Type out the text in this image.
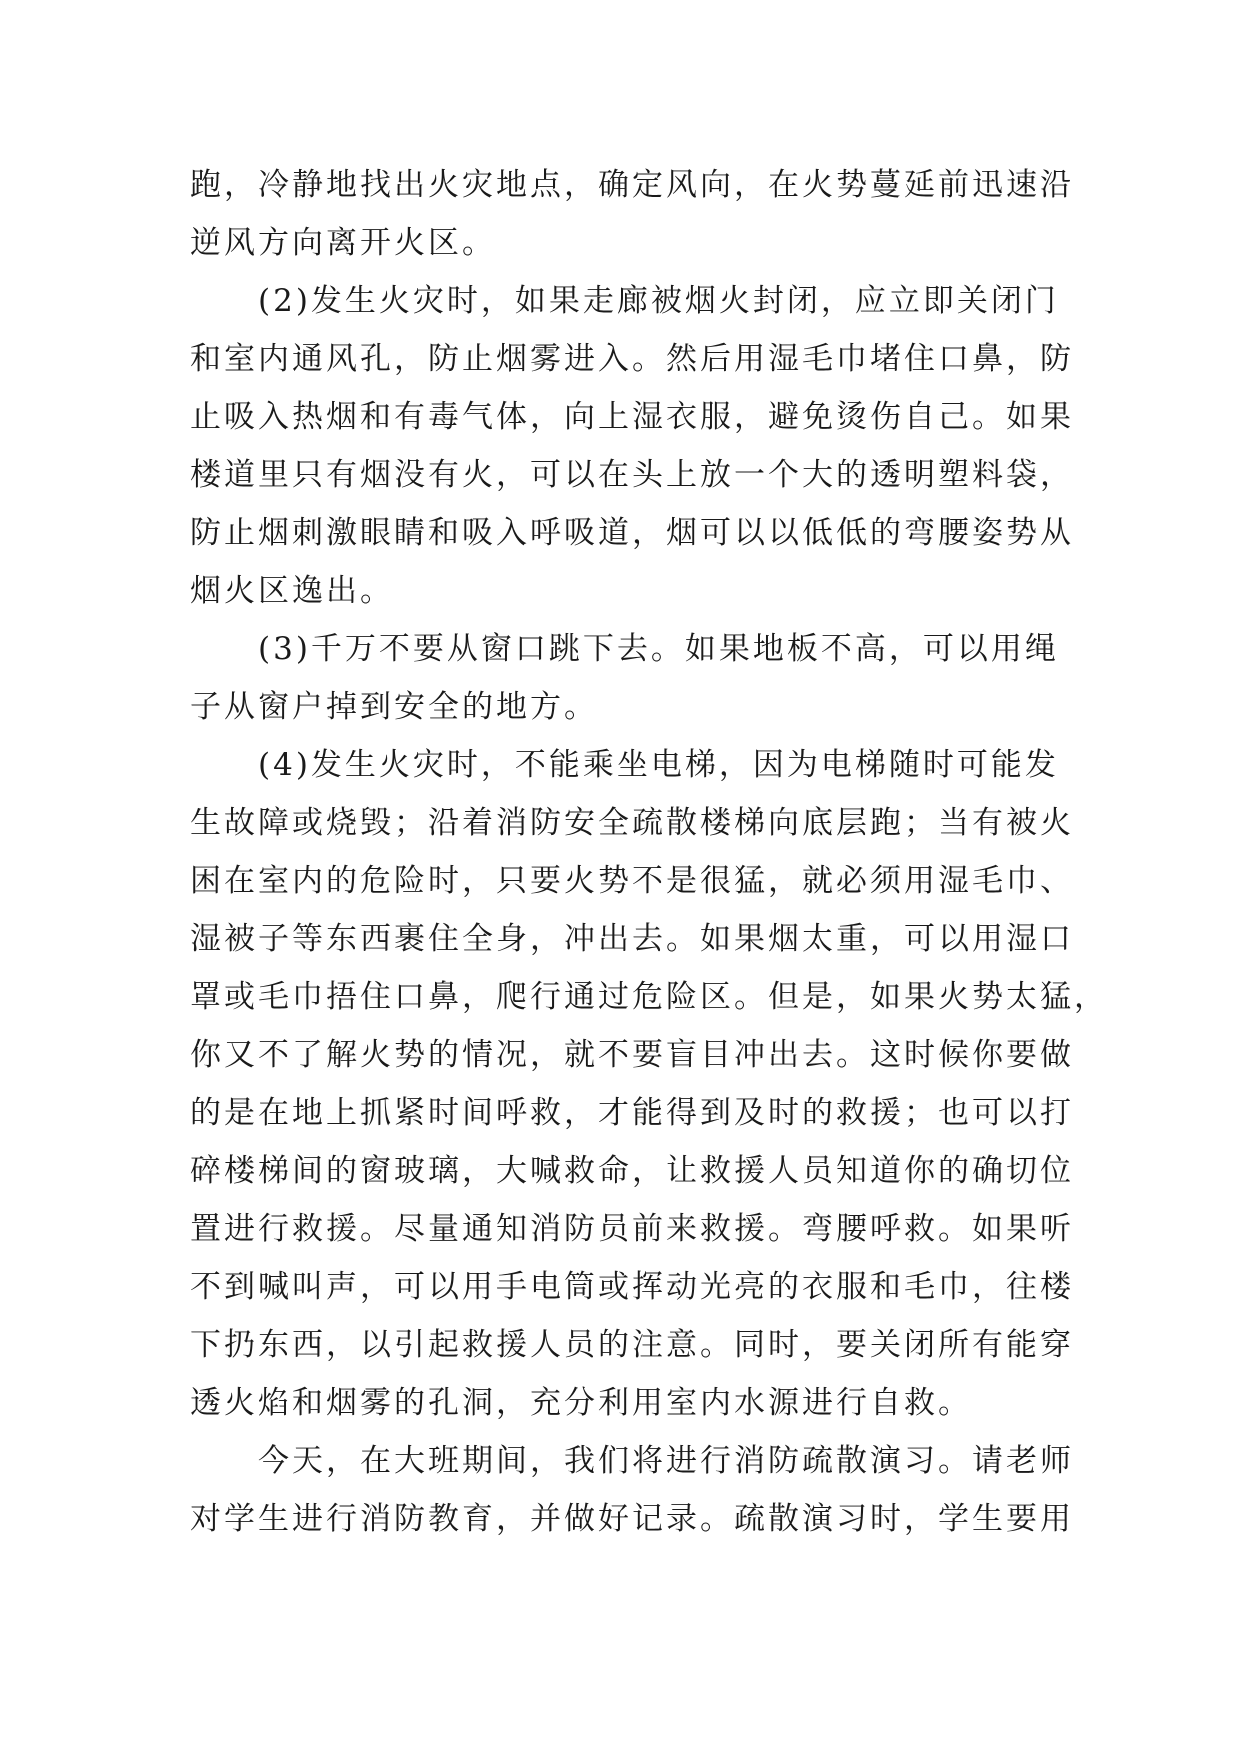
跑，冷静地找出火灾地点，确定风向，在火势蔓延前迅速沿
逆风方向离开火区。
(2)发生火灾时，如果走廊被烟火封闭，应立即关闭门
和室内通风孔，防止烟雾进入。然后用湿毛巾堵住口鼻，防
止吸入热烟和有毒气体，向上湿衣服，避免烫伤自己。如果
楼道里只有烟没有火，可以在头上放一个大的透明塑料袋，
防止烟刺激眼睛和吸入呼吸道，烟可以以低低的弯腰姿势从
烟火区逸出。
(3)千万不要从窗口跳下去。如果地板不高，可以用绳
子从窗户掉到安全的地方。
(4)发生火灾时，不能乘坐电梯，因为电梯随时可能发
生故障或烧毁；沿着消防安全疏散楼梯向底层跑；当有被火
困在室内的危险时，只要火势不是很猛，就必须用湿毛巾、
湿被子等东西裹住全身，冲出去。如果烟太重，可以用湿口
罩或毛巾捂住口鼻，爬行通过危险区。但是，如果火势太猛，
你又不了解火势的情况，就不要盲目冲出去。这时候你要做
的是在地上抓紧时间呼救，才能得到及时的救援；也可以打
碎楼梯间的窗玻璃，大喊救命，让救援人员知道你的确切位
置进行救援。尽量通知消防员前来救援。弯腰呼救。如果听
不到喊叫声，可以用手电筒或挥动光亮的衣服和毛巾，往楼
下扔东西，以引起救援人员的注意。同时，要关闭所有能穿
透火焰和烟雾的孔洞，充分利用室内水源进行自救。
今天，在大班期间，我们将进行消防疏散演习。请老师
对学生进行消防教育，并做好记录。疏散演习时，学生要用
